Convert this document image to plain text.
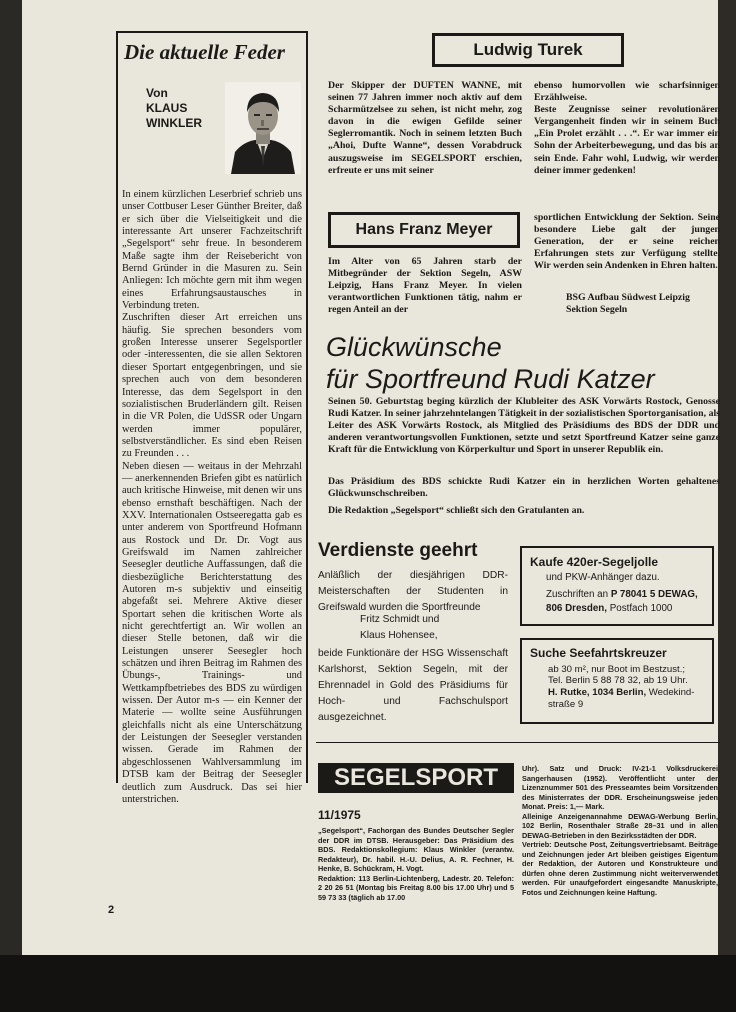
Die aktuelle Feder
Von
KLAUS
WINKLER
In einem kürzlichen Leserbrief schrieb uns unser Cottbuser Leser Günther Breiter, daß er sich über die Vielseitigkeit und die interessante Art unserer Fachzeitschrift „Segelsport“ sehr freue. In besonderem Maße sagte ihm der Reisebericht von Bernd Gründer in die Masuren zu. Sein Anliegen: Ich möchte gern mit ihm wegen eines Erfahrungsaustausches in Verbindung treten.
Zuschriften dieser Art erreichen uns häufig. Sie sprechen besonders vom großen Interesse unserer Segelsportler oder -interessenten, die sie allen Sektoren dieser Sportart entgegenbringen, und sie sprechen auch von dem besonderen Interesse, das dem Segelsport in den sozialistischen Bruderländern gilt. Reisen in die VR Polen, die UdSSR oder Ungarn werden immer populärer, selbstverständlicher. Es sind eben Reisen zu Freunden . . .
Neben diesen — weitaus in der Mehrzahl — anerkennenden Briefen gibt es natürlich auch kritische Hinweise, mit denen wir uns ebenso ernsthaft beschäftigen. Nach der XXV. Internationalen Ostseeregatta gab es unter anderem von Sportfreund Hofmann aus Rostock und Dr. Dr. Vogt aus Greifswald im Namen zahlreicher Seesegler deutliche Auffassungen, daß die diesbezügliche Berichterstattung des Autoren m-s subjektiv und einseitig abgefaßt sei. Mehrere Aktive dieser Sportart sehen die kritischen Worte als nicht gerechtfertigt an. Wir wollen an dieser Stelle betonen, daß wir die Leistungen unserer Seesegler hoch schätzen und ihren Beitrag im Rahmen des Übungs-, Trainings- und Wettkampfbetriebes des BDS zu würdigen wissen. Der Autor m-s — ein Kenner der Materie — wollte seine Ausführungen gleichfalls nicht als eine Unterschätzung der Leistungen der Seesegler verstanden wissen. Gerade im Rahmen der abgeschlossenen Wahlversammlung im DTSB kam der Beitrag der Seesegler deutlich zum Ausdruck. Das sei hier unterstrichen.
2
Ludwig Turek
Der Skipper der DUFTEN WANNE, mit seinen 77 Jahren immer noch aktiv auf dem Scharmützelsee zu sehen, ist nicht mehr, zog davon in die ewigen Gefilde seiner Seglerromantik. Noch in seinem letzten Buch „Ahoi, Dufte Wanne“, dessen Vorabdruck auszugsweise im SEGELSPORT erschien, erfreute er uns mit seiner
ebenso humorvollen wie scharfsinnigen Erzählweise.
Beste Zeugnisse seiner revolutionären Vergangenheit finden wir in seinem Buch „Ein Prolet erzählt . . .“. Er war immer ein Sohn der Arbeiterbewegung, und das bis an sein Ende. Fahr wohl, Ludwig, wir werden deiner immer gedenken!
Hans Franz Meyer
Im Alter von 65 Jahren starb der Mitbegründer der Sektion Segeln, ASW Leipzig, Hans Franz Meyer. In vielen verantwortlichen Funktionen tätig, nahm er regen Anteil an der
sportlichen Entwicklung der Sektion. Seine besondere Liebe galt der jungen Generation, der er seine reichen Erfahrungen stets zur Verfügung stellte. Wir werden sein Andenken in Ehren halten.
BSG Aufbau Südwest Leipzig
Sektion Segeln
Glückwünsche
für Sportfreund Rudi Katzer
Seinen 50. Geburtstag beging kürzlich der Klubleiter des ASK Vorwärts Rostock, Genosse Rudi Katzer. In seiner jahrzehntelangen Tätigkeit in der sozialistischen Sportorganisation, als Leiter des ASK Vorwärts Rostock, als Mitglied des Präsidiums des BDS der DDR und anderen verantwortungsvollen Funktionen, setzte und setzt Sportfreund Katzer seine ganze Kraft für die Entwicklung von Körperkultur und Sport in unserer Republik ein.
Das Präsidium des BDS schickte Rudi Katzer ein in herzlichen Worten gehaltenes Glückwunschschreiben.
Die Redaktion „Segelsport“ schließt sich den Gratulanten an.
Verdienste geehrt
Anläßlich der diesjährigen DDR-Meisterschaften der Studenten in Greifswald wurden die Sportfreunde
Fritz Schmidt und
Klaus Hohensee,
beide Funktionäre der HSG Wissenschaft Karlshorst, Sektion Segeln, mit der Ehrennadel in Gold des Präsidiums für Hoch- und Fachschulsport ausgezeichnet.
Kaufe 420er-Segeljolle
und PKW-Anhänger dazu.
Zuschriften an P 78041 5 DEWAG,
806 Dresden, Postfach 1000
Suche Seefahrtskreuzer
ab 30 m², nur Boot im Bestzust.;
Tel. Berlin 5 88 78 32, ab 19 Uhr.
H. Rutke, 1034 Berlin, Wedekind-
straße 9
SEGELSPORT
11/1975
„Segelsport“, Fachorgan des Bundes Deutscher Segler der DDR im DTSB. Herausgeber: Das Präsidium des BDS. Redaktionskollegium: Klaus Winkler (verantw. Redakteur), Dr. habil. H.-U. Delius, A. R. Fechner, H. Henke, B. Schückram, H. Vogt.
Redaktion: 113 Berlin-Lichtenberg, Ladestr. 20. Telefon: 2 20 26 51 (Montag bis Freitag 8.00 bis 17.00 Uhr) und 5 59 73 33 (täglich ab 17.00
Uhr). Satz und Druck: IV-21-1 Volksdruckerei Sangerhausen (1952). Veröffentlicht unter der Lizenznummer 501 des Presseamtes beim Vorsitzenden des Ministerrates der DDR. Erscheinungsweise jeden Monat. Preis: 1,— Mark.
Alleinige Anzeigenannahme DEWAG-Werbung Berlin, 102 Berlin, Rosenthaler Straße 28–31 und in allen DEWAG-Betrieben in den Bezirksstädten der DDR.
Vertrieb: Deutsche Post, Zeitungsvertriebsamt. Beiträge und Zeichnungen jeder Art bleiben geistiges Eigentum der Redaktion, der Autoren und Konstrukteure und dürfen ohne deren Zustimmung nicht weiterverwendet werden. Für unaufgefordert eingesandte Manuskripte, Fotos und Zeichnungen keine Haftung.
